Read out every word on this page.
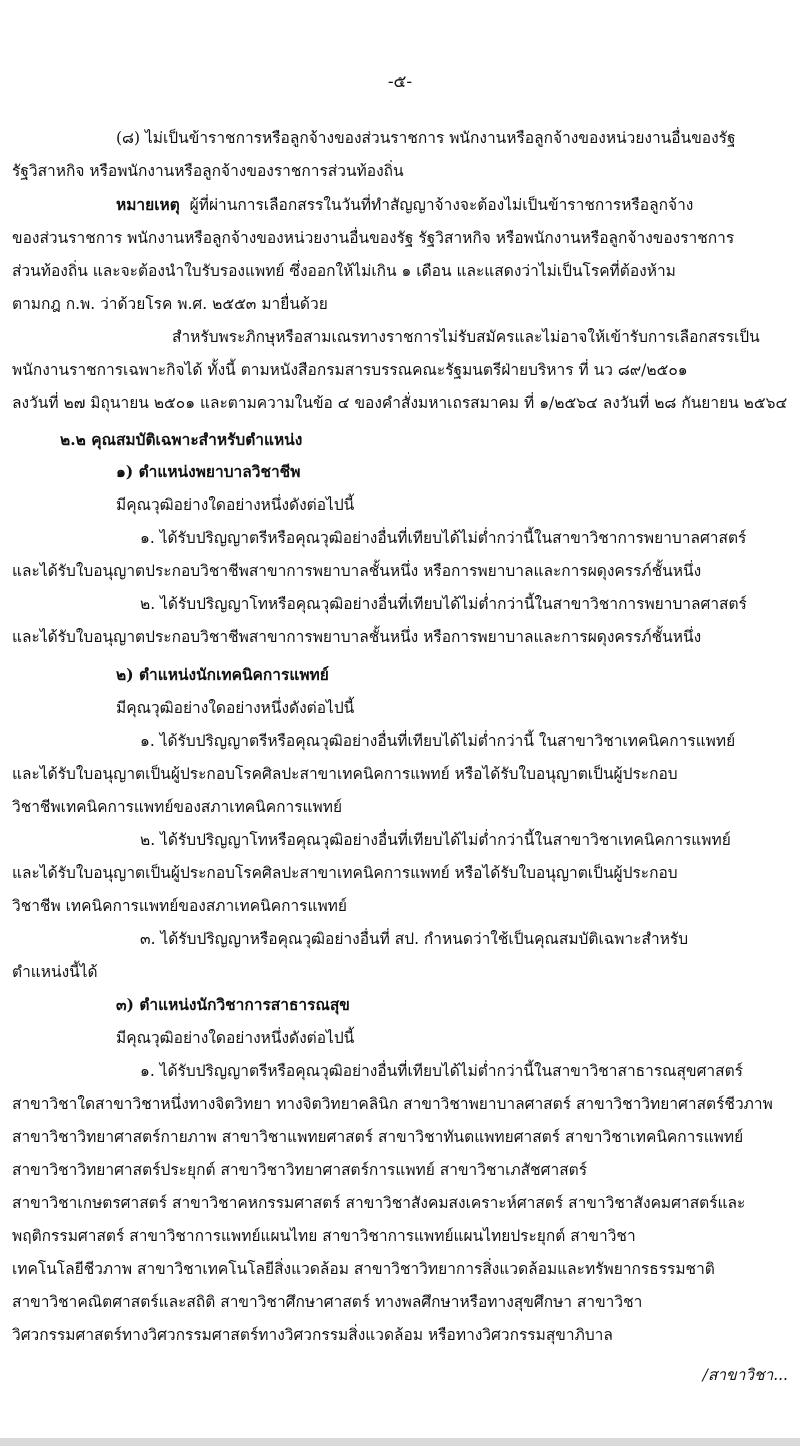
-๕-
(๘) ไม่เป็นข้าราชการหรือลูกจ้างของส่วนราชการ พนักงานหรือลูกจ้างของหน่วยงานอื่นของรัฐ
รัฐวิสาหกิจ หรือพนักงานหรือลูกจ้างของราชการส่วนท้องถิ่น
หมายเหตุ ผู้ที่ผ่านการเลือกสรรในวันที่ทำสัญญาจ้างจะต้องไม่เป็นข้าราชการหรือลูกจ้าง
ของส่วนราชการ พนักงานหรือลูกจ้างของหน่วยงานอื่นของรัฐ รัฐวิสาหกิจ หรือพนักงานหรือลูกจ้างของราชการ
ส่วนท้องถิ่น และจะต้องนำใบรับรองแพทย์ ซึ่งออกให้ไม่เกิน ๑ เดือน และแสดงว่าไม่เป็นโรคที่ต้องห้าม
ตามกฎ ก.พ. ว่าด้วยโรค พ.ศ. ๒๕๕๓ มายื่นด้วย
สำหรับพระภิกษุหรือสามเณรทางราชการไม่รับสมัครและไม่อาจให้เข้ารับการเลือกสรรเป็น
พนักงานราชการเฉพาะกิจได้ ทั้งนี้ ตามหนังสือกรมสารบรรณคณะรัฐมนตรีฝ่ายบริหาร ที่ นว ๘๙/๒๕๐๑
ลงวันที่ ๒๗ มิถุนายน ๒๕๐๑ และตามความในข้อ ๔ ของคำสั่งมหาเถรสมาคม ที่ ๑/๒๕๖๔ ลงวันที่ ๒๘ กันยายน ๒๕๖๔
๒.๒ คุณสมบัติเฉพาะสำหรับตำแหน่ง
๑) ตำแหน่งพยาบาลวิชาชีพ
มีคุณวุฒิอย่างใดอย่างหนึ่งดังต่อไปนี้
๑. ได้รับปริญญาตรีหรือคุณวุฒิอย่างอื่นที่เทียบได้ไม่ต่ำกว่านี้ในสาขาวิชาการพยาบาลศาสตร์
และได้รับใบอนุญาตประกอบวิชาชีพสาขาการพยาบาลชั้นหนึ่ง หรือการพยาบาลและการผดุงครรภ์ชั้นหนึ่ง
๒. ได้รับปริญญาโทหรือคุณวุฒิอย่างอื่นที่เทียบได้ไม่ต่ำกว่านี้ในสาขาวิชาการพยาบาลศาสตร์
และได้รับใบอนุญาตประกอบวิชาชีพสาขาการพยาบาลชั้นหนึ่ง หรือการพยาบาลและการผดุงครรภ์ชั้นหนึ่ง
๒) ตำแหน่งนักเทคนิคการแพทย์
มีคุณวุฒิอย่างใดอย่างหนึ่งดังต่อไปนี้
๑. ได้รับปริญญาตรีหรือคุณวุฒิอย่างอื่นที่เทียบได้ไม่ต่ำกว่านี้ ในสาขาวิชาเทคนิคการแพทย์
และได้รับใบอนุญาตเป็นผู้ประกอบโรคศิลปะสาขาเทคนิคการแพทย์ หรือได้รับใบอนุญาตเป็นผู้ประกอบ
วิชาชีพเทคนิคการแพทย์ของสภาเทคนิคการแพทย์
๒. ได้รับปริญญาโทหรือคุณวุฒิอย่างอื่นที่เทียบได้ไม่ต่ำกว่านี้ในสาขาวิชาเทคนิคการแพทย์
และได้รับใบอนุญาตเป็นผู้ประกอบโรคศิลปะสาขาเทคนิคการแพทย์ หรือได้รับใบอนุญาตเป็นผู้ประกอบ
วิชาชีพ เทคนิคการแพทย์ของสภาเทคนิคการแพทย์
๓. ได้รับปริญญาหรือคุณวุฒิอย่างอื่นที่ สป. กำหนดว่าใช้เป็นคุณสมบัติเฉพาะสำหรับ
ตำแหน่งนี้ได้
๓) ตำแหน่งนักวิชาการสาธารณสุข
มีคุณวุฒิอย่างใดอย่างหนึ่งดังต่อไปนี้
๑. ได้รับปริญญาตรีหรือคุณวุฒิอย่างอื่นที่เทียบได้ไม่ต่ำกว่านี้ในสาขาวิชาสาธารณสุขศาสตร์
สาขาวิชาใดสาขาวิชาหนึ่งทางจิตวิทยา ทางจิตวิทยาคลินิก สาขาวิชาพยาบาลศาสตร์ สาขาวิชาวิทยาศาสตร์ชีวภาพ
สาขาวิชาวิทยาศาสตร์กายภาพ สาขาวิชาแพทยศาสตร์ สาขาวิชาทันตแพทยศาสตร์ สาขาวิชาเทคนิคการแพทย์
สาขาวิชาวิทยาศาสตร์ประยุกต์ สาขาวิชาวิทยาศาสตร์การแพทย์ สาขาวิชาเภสัชศาสตร์
สาขาวิชาเกษตรศาสตร์ สาขาวิชาคหกรรมศาสตร์ สาขาวิชาสังคมสงเคราะห์ศาสตร์ สาขาวิชาสังคมศาสตร์และ
พฤติกรรมศาสตร์ สาขาวิชาการแพทย์แผนไทย สาขาวิชาการแพทย์แผนไทยประยุกต์ สาขาวิชา
เทคโนโลยีชีวภาพ สาขาวิชาเทคโนโลยีสิ่งแวดล้อม สาขาวิชาวิทยาการสิ่งแวดล้อมและทรัพยากรธรรมชาติ
สาขาวิชาคณิตศาสตร์และสถิติ สาขาวิชาศึกษาศาสตร์ ทางพลศึกษาหรือทางสุขศึกษา สาขาวิชา
วิศวกรรมศาสตร์ทางวิศวกรรมศาสตร์ทางวิศวกรรมสิ่งแวดล้อม หรือทางวิศวกรรมสุขาภิบาล
/สาขาวิชา...
